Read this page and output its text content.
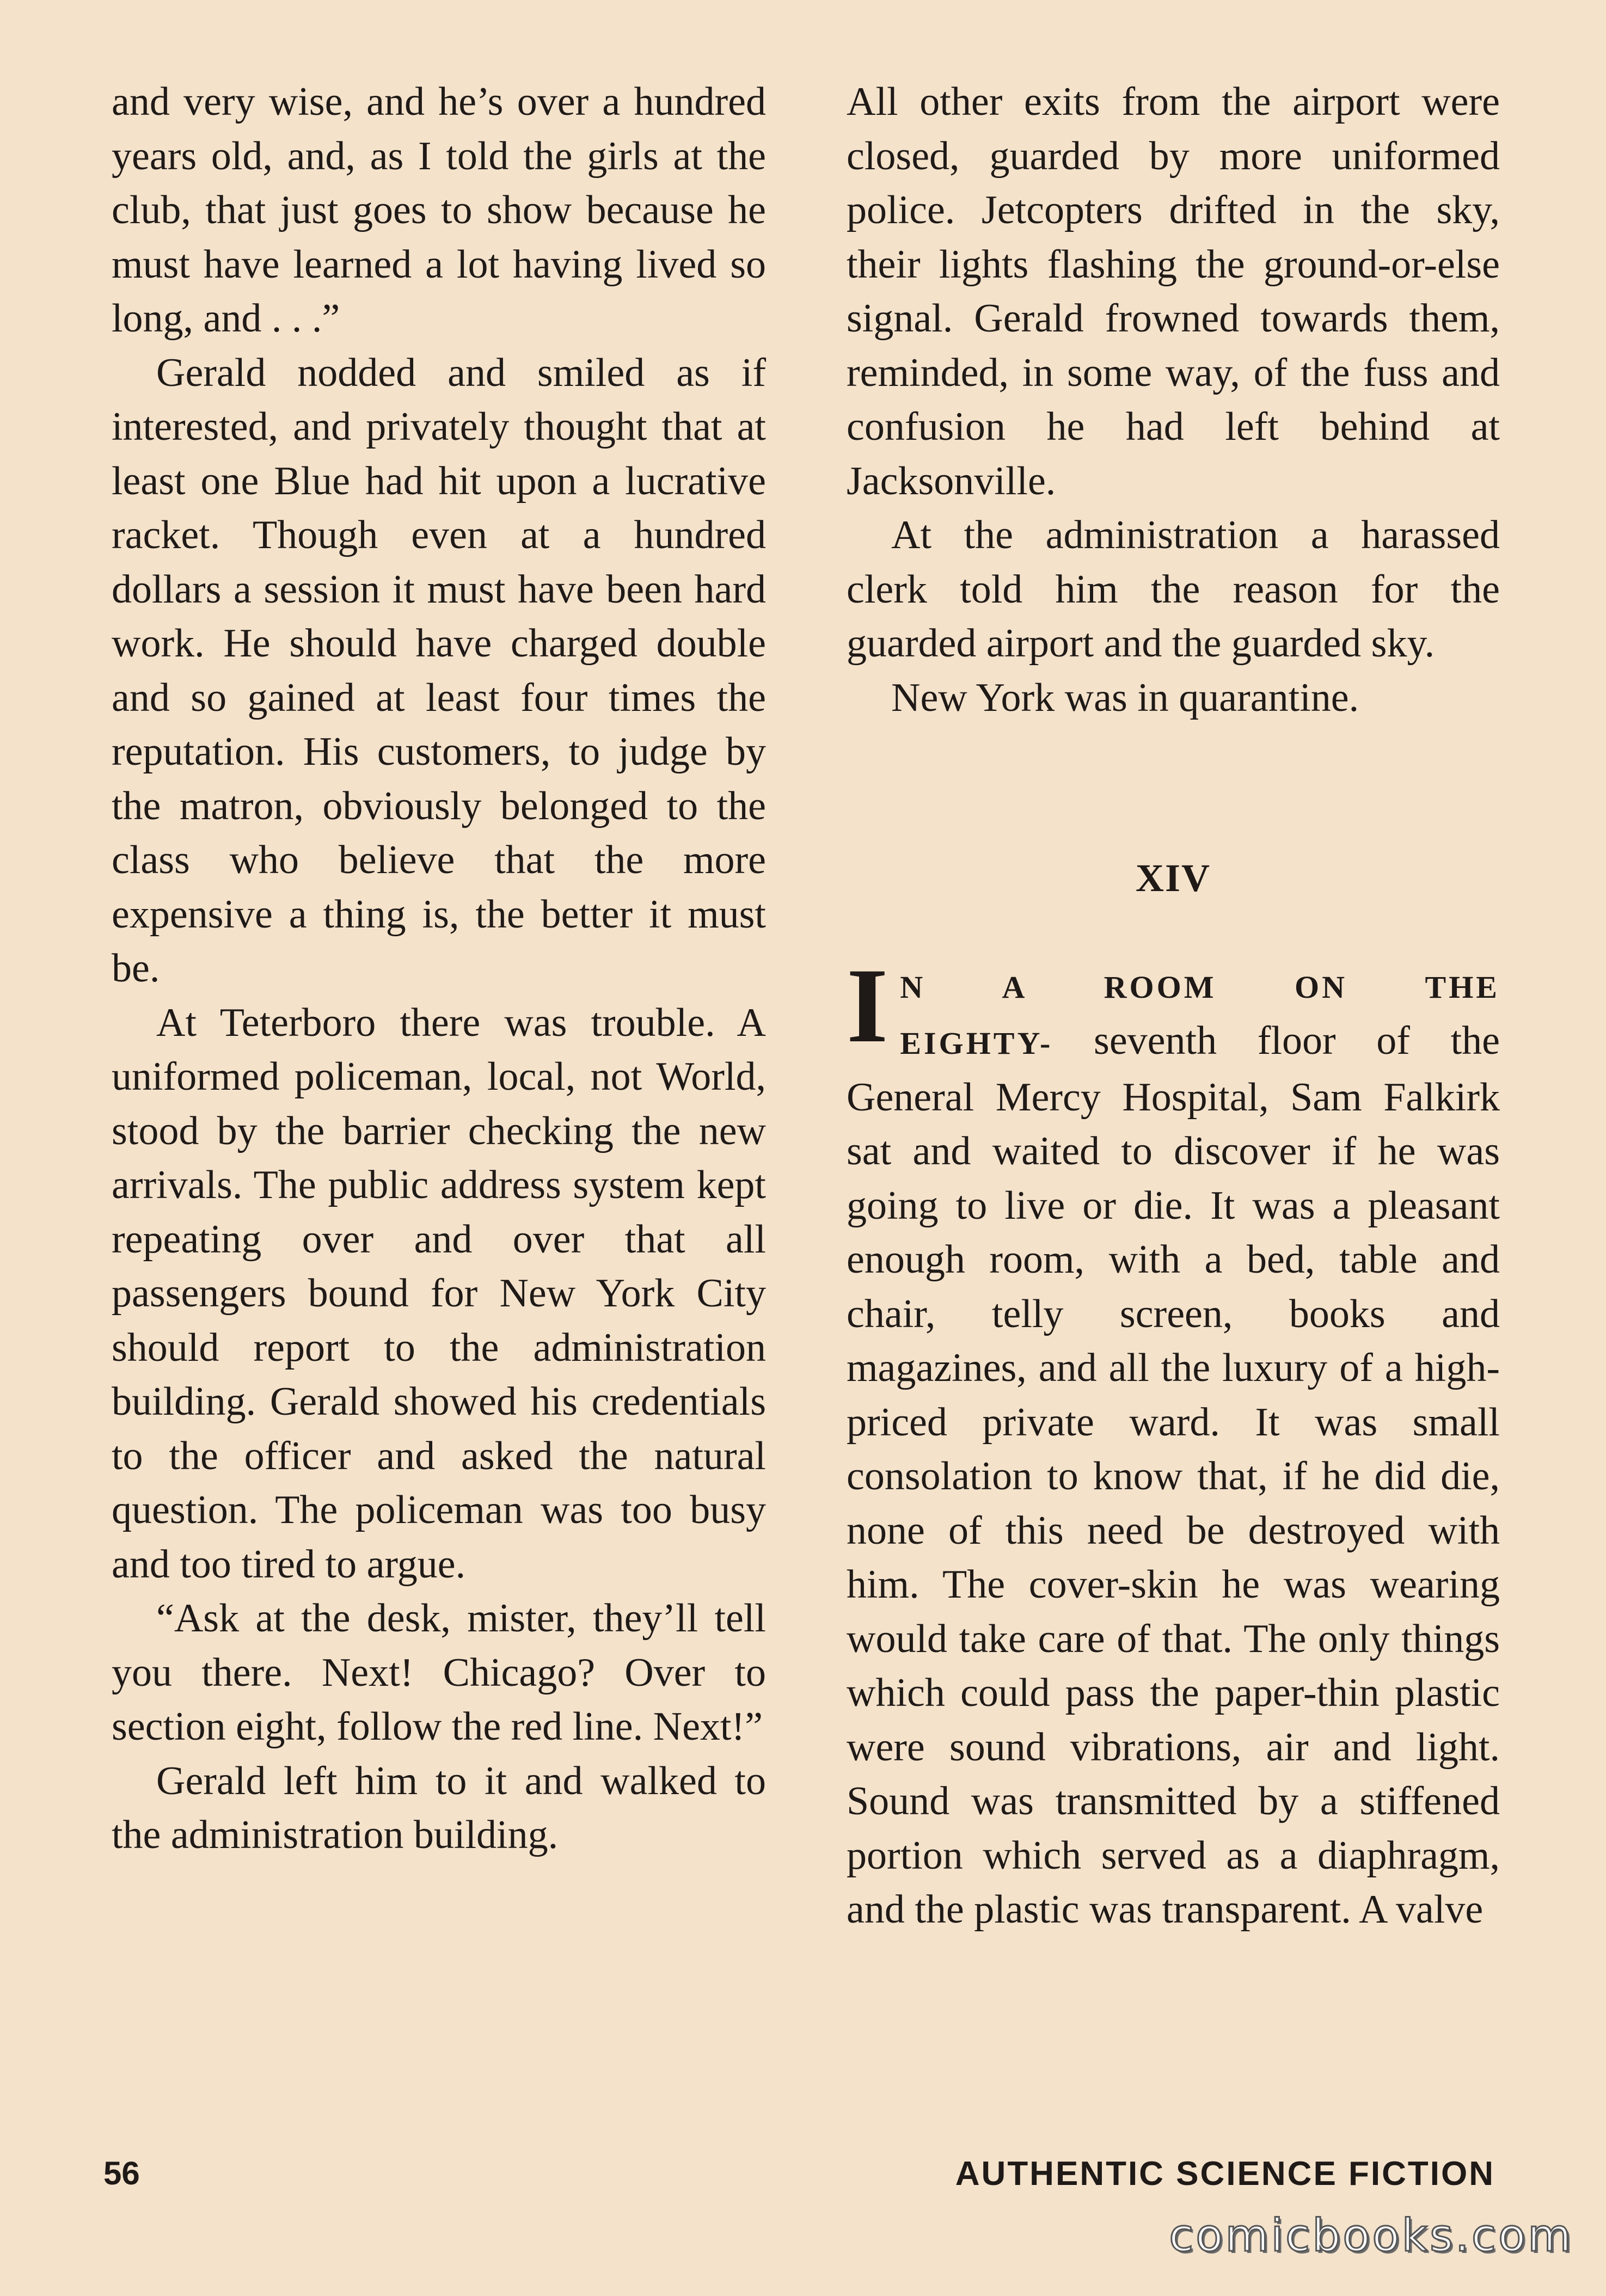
and very wise, and he’s over a hundred years old, and, as I told the girls at the club, that just goes to show because he must have learned a lot having lived so long, and . . .”

Gerald nodded and smiled as if interested, and privately thought that at least one Blue had hit upon a lucrative racket. Though even at a hundred dollars a session it must have been hard work. He should have charged double and so gained at least four times the reputation. His customers, to judge by the matron, obviously belonged to the class who believe that the more expensive a thing is, the better it must be.

At Teterboro there was trouble. A uniformed policeman, local, not World, stood by the barrier checking the new arrivals. The public address system kept repeating over and over that all passengers bound for New York City should report to the administration building. Gerald showed his credentials to the officer and asked the natural question. The policeman was too busy and too tired to argue.

“Ask at the desk, mister, they’ll tell you there. Next! Chicago? Over to section eight, follow the red line. Next!”

Gerald left him to it and walked to the administration building.

All other exits from the airport were closed, guarded by more uniformed police. Jetcopters drifted in the sky, their lights flashing the ground-or-else signal. Gerald frowned towards them, reminded, in some way, of the fuss and confusion he had left behind at Jacksonville.

At the administration a harassed clerk told him the reason for the guarded airport and the guarded sky.

New York was in quarantine.

XIV

I N A ROOM ON THE EIGHTY- seventh floor of the General Mercy Hospital, Sam Falkirk sat and waited to discover if he was going to live or die. It was a pleasant enough room, with a bed, table and chair, telly screen, books and magazines, and all the luxury of a high-priced private ward. It was small consolation to know that, if he did die, none of this need be destroyed with him. The cover-skin he was wearing would take care of that. The only things which could pass the paper-thin plastic were sound vibrations, air and light. Sound was transmitted by a stiffened portion which served as a diaphragm, and the plastic was transparent. A valve

56	AUTHENTIC SCIENCE FICTION
comicbooks.com
